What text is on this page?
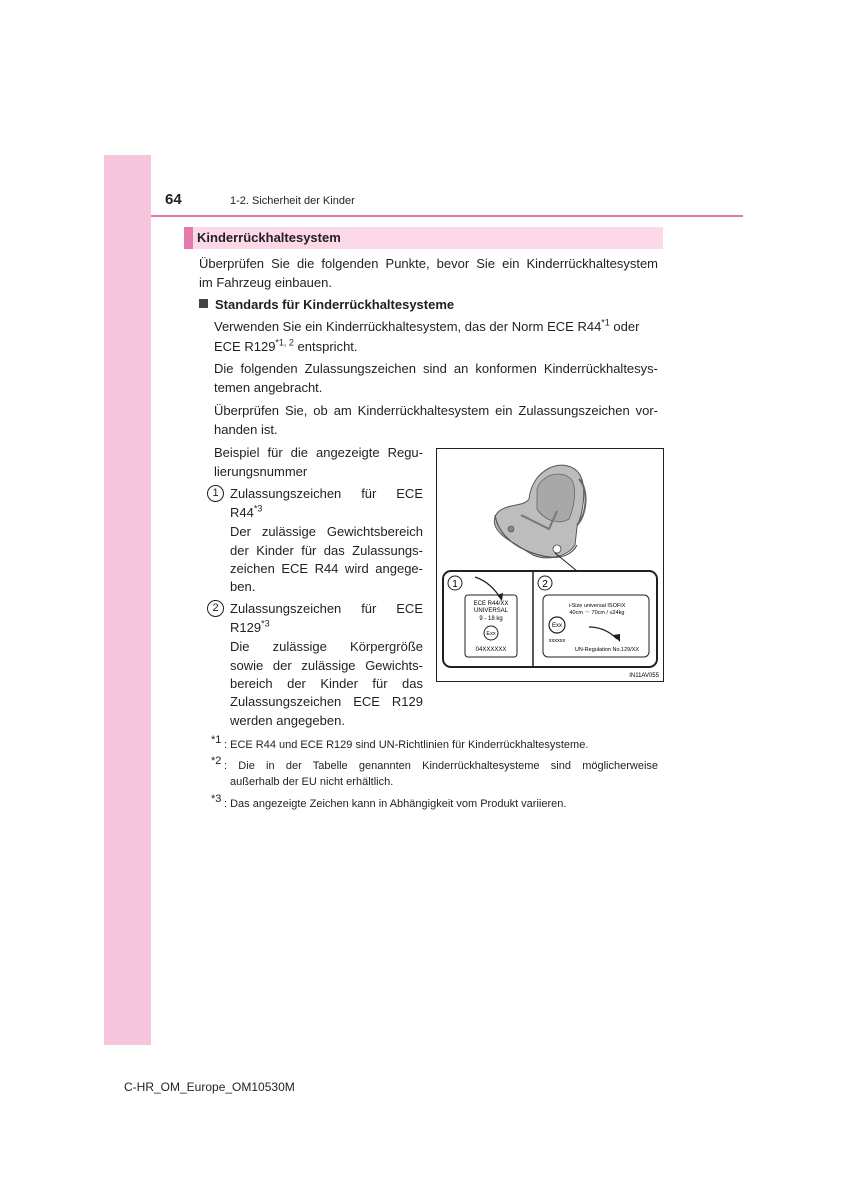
64	1-2. Sicherheit der Kinder
Kinderrückhaltesystem
Überprüfen Sie die folgenden Punkte, bevor Sie ein Kinderrückhaltesystem
im Fahrzeug einbauen.
Standards für Kinderrückhaltesysteme
Verwenden Sie ein Kinderrückhaltesystem, das der Norm ECE R44$^{*1}$ oder
ECE R129$^{*1, 2}$ entspricht.
Die folgenden Zulassungszeichen sind an konformen Kinderrückhaltesys-
temen angebracht.
Überprüfen Sie, ob am Kinderrückhaltesystem ein Zulassungszeichen vor-
handen ist.
Beispiel für die angezeigte Regu-
lierungsnummer
1 Zulassungszeichen für ECE
R44$^{*3}$
Der zulässige Gewichtsbereich
der Kinder für das Zulassungs-
zeichen ECE R44 wird angege-
ben.
2 Zulassungszeichen für ECE
R129$^{*3}$
Die zulässige Körpergröße
sowie der zulässige Gewichts-
bereich der Kinder für das
Zulassungszeichen ECE R129
werden angegeben.
1	2
ECE R44/XX
UNIVERSAL
9 - 18 kg
Exx
04XXXXXX
i-Size universal ISOFIX
40cm ～ 70cm / ≤24kg
Exx
xxxxxx
UN-Regulation No.129/XX
IN11AV055
*1 : ECE R44 und ECE R129 sind UN-Richtlinien für Kinderrückhaltesysteme.
*2 : Die in der Tabelle genannten Kinderrückhaltesysteme sind möglicherweise
außerhalb der EU nicht erhältlich.
*3 : Das angezeigte Zeichen kann in Abhängigkeit vom Produkt variieren.
C-HR_OM_Europe_OM10530M
